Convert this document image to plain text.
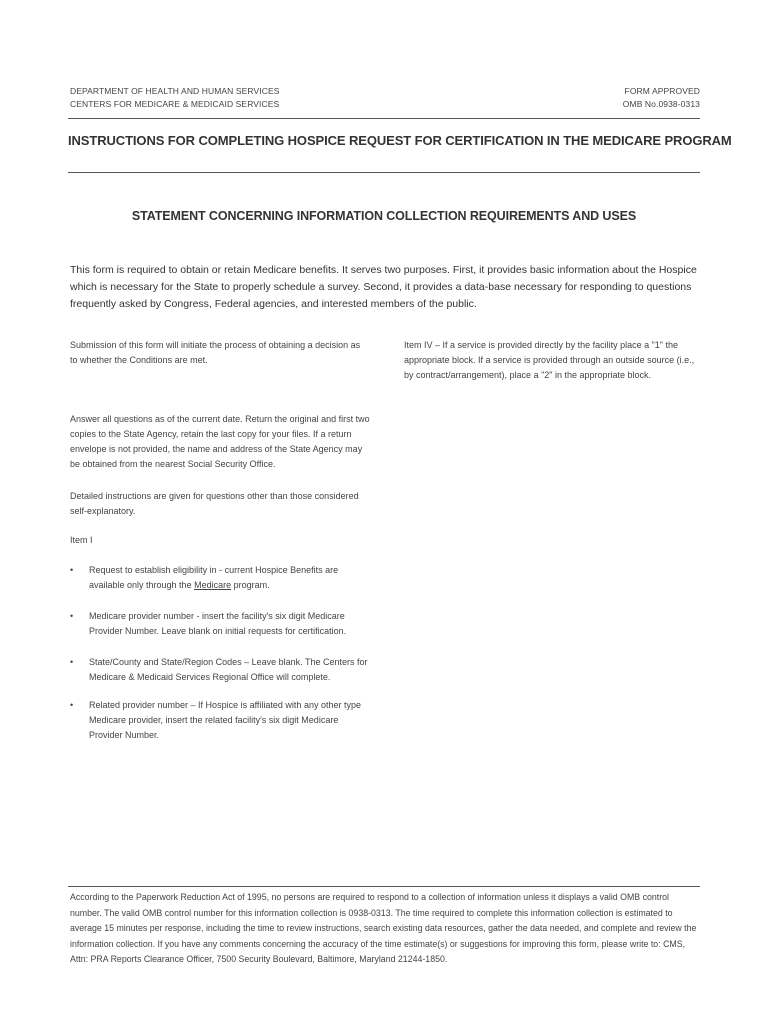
DEPARTMENT OF HEALTH AND HUMAN SERVICES
CENTERS FOR MEDICARE & MEDICAID SERVICES
FORM APPROVED
OMB No.0938-0313
INSTRUCTIONS FOR COMPLETING HOSPICE REQUEST FOR CERTIFICATION IN THE MEDICARE PROGRAM
STATEMENT CONCERNING INFORMATION COLLECTION REQUIREMENTS AND USES
This form is required to obtain or retain Medicare benefits. It serves two purposes. First, it provides basic information about the Hospice which is necessary for the State to properly schedule a survey. Second, it provides a data-base necessary for responding to questions frequently asked by Congress, Federal agencies, and interested members of the public.
Submission of this form will initiate the process of obtaining a decision as to whether the Conditions are met.
Item IV – If a service is provided directly by the facility place a "1" the appropriate block. If a service is provided through an outside source (i.e., by contract/arrangement), place a "2" in the appropriate block.
Answer all questions as of the current date. Return the original and first two copies to the State Agency, retain the last copy for your files. If a return envelope is not provided, the name and address of the State Agency may be obtained from the nearest Social Security Office.
Detailed instructions are given for questions other than those considered self-explanatory.
Item I
• Request to establish eligibility in - current Hospice Benefits are available only through the Medicare program.
• Medicare provider number - insert the facility's six digit Medicare Provider Number. Leave blank on initial requests for certification.
• State/County and State/Region Codes – Leave blank. The Centers for Medicare & Medicaid Services Regional Office will complete.
• Related provider number – If Hospice is affiliated with any other type Medicare provider, insert the related facility's six digit Medicare Provider Number.
According to the Paperwork Reduction Act of 1995, no persons are required to respond to a collection of information unless it displays a valid OMB control number. The valid OMB control number for this information collection is 0938-0313. The time required to complete this information collection is estimated to average 15 minutes per response, including the time to review instructions, search existing data resources, gather the data needed, and complete and review the information collection. If you have any comments concerning the accuracy of the time estimate(s) or suggestions for improving this form, please write to: CMS, Attn: PRA Reports Clearance Officer, 7500 Security Boulevard, Baltimore, Maryland 21244-1850.
